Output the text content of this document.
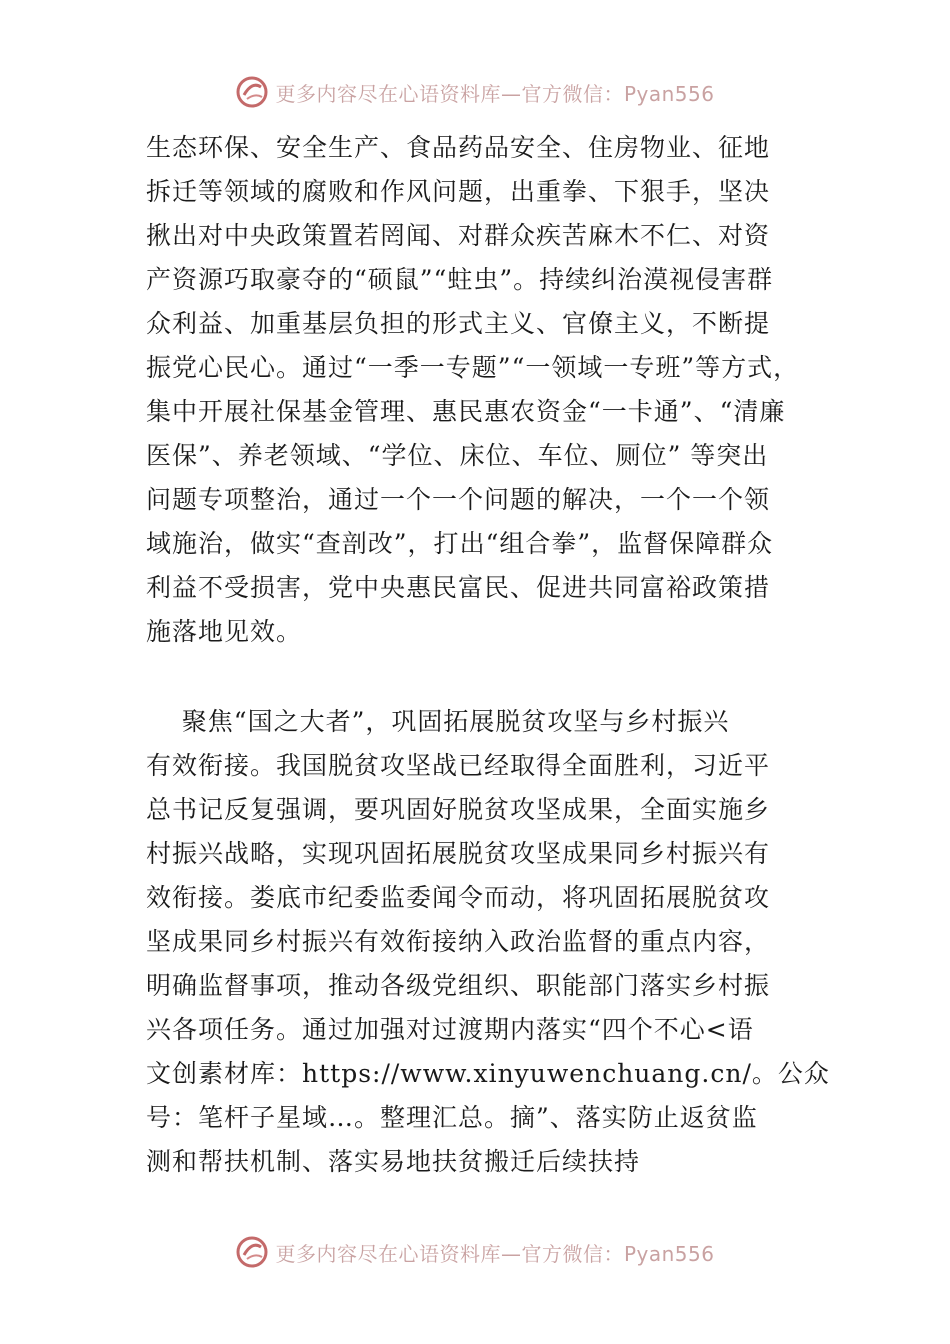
更多内容尽在心语资料库—官方微信：Pyan556
生态环保、安全生产、食品药品安全、住房物业、征地
拆迁等领域的腐败和作风问题，出重拳、下狠手，坚决
揪出对中央政策置若罔闻、对群众疾苦麻木不仁、对资
产资源巧取豪夺的“硕鼠”“蛀虫”。持续纠治漠视侵害群
众利益、加重基层负担的形式主义、官僚主义，不断提
振党心民心。通过“一季一专题”“一领域一专班”等方式，
集中开展社保基金管理、惠民惠农资金“一卡通”、“清廉
医保”、养老领域、“学位、床位、车位、厕位” 等突出
问题专项整治，通过一个一个问题的解决，一个一个领
域施治，做实“查剖改”，打出“组合拳”，监督保障群众
利益不受损害，党中央惠民富民、促进共同富裕政策措
施落地见效。
聚焦“国之大者”，巩固拓展脱贫攻坚与乡村振兴
有效衔接。我国脱贫攻坚战已经取得全面胜利，习近平
总书记反复强调，要巩固好脱贫攻坚成果，全面实施乡
村振兴战略，实现巩固拓展脱贫攻坚成果同乡村振兴有
效衔接。娄底市纪委监委闻令而动，将巩固拓展脱贫攻
坚成果同乡村振兴有效衔接纳入政治监督的重点内容，
明确监督事项，推动各级党组织、职能部门落实乡村振
兴各项任务。通过加强对过渡期内落实“四个不心<语
文创素材库：https://www.xinyuwenchuang.cn/。公众
号：笔杆子星域…。整理汇总。摘”、落实防止返贫监
测和帮扶机制、落实易地扶贫搬迁后续扶持
更多内容尽在心语资料库—官方微信：Pyan556
